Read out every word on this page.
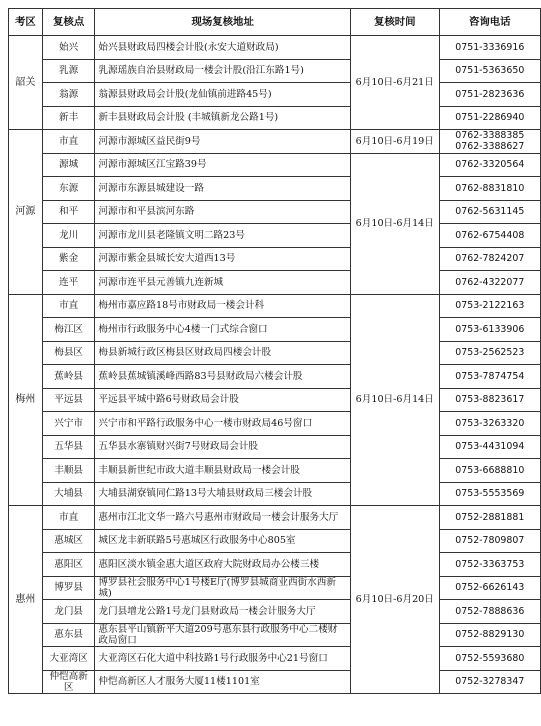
考区	复核点	现场复核地址	复核时间	咨询电话
韶关	始兴	始兴县财政局四楼会计股(永安大道财政局)	6月10日-6月21日	0751-3336916
	乳源	乳源瑶族自治县财政局一楼会计股(沿江东路1号)		0751-5363650
	翁源	翁源县财政局会计股(龙仙镇前进路45号)		0751-2823636
	新丰	新丰县财政局会计股 (丰城镇新龙公路1号)		0751-2286940
河源	市直	河源市源城区益民街9号	6月10日-6月19日	0762-3388385
0762-3388627
	源城	河源市源城区江宝路39号	6月10日-6月14日	0762-3320564
	东源	河源市东源县城建设一路		0762-8831810
	和平	河源市和平县滨河东路		0762-5631145
	龙川	河源市龙川县老隆镇文明二路23号		0762-6754408
	紫金	河源市紫金县城长安大道西13号		0762-7824207
	连平	河源市连平县元善镇九连新城		0762-4322077
梅州	市直	梅州市嘉应路18号市财政局一楼会计科	6月10日-6月14日	0753-2122163
	梅江区	梅州市行政服务中心4楼一门式综合窗口		0753-6133906
	梅县区	梅县新城行政区梅县区财政局四楼会计股		0753-2562523
	蕉岭县	蕉岭县蕉城镇溪峰西路83号县财政局六楼会计股		0753-7874754
	平远县	平远县平城中路6号财政局会计股		0753-8823617
	兴宁市	兴宁市和平路行政服务中心一楼市财政局46号窗口		0753-3263320
	五华县	五华县水寨镇财兴街7号财政局会计股		0753-4431094
	丰顺县	丰顺县新世纪市政大道丰顺县财政局一楼会计股		0753-6688810
	大埔县	大埔县湖寮镇同仁路13号大埔县财政局三楼会计股		0753-5553569
惠州	市直	惠州市江北文华一路六号惠州市财政局一楼会计服务大厅	6月10日-6月20日	0752-2881881
	惠城区	城区龙丰新联路5号惠城区行政服务中心805室		0752-7809807
	惠阳区	惠阳区淡水镇金惠大道区政府大院财政局办公楼三楼		0752-3363753
	博罗县	博罗县社会服务中心1号楼E厅(博罗县城商业西街水西新城)		0752-6626143
	龙门县	龙门县增龙公路1号龙门县财政局一楼会计服务大厅		0752-7888636
	惠东县	惠东县平山镇新平大道209号惠东县行政服务中心二楼财政局窗口		0752-8829130
	大亚湾区	大亚湾区石化大道中科技路1号行政服务中心21号窗口		0752-5593680
	仲恺高新区	仲恺高新区人才服务大厦11楼1101室		0752-3278347
